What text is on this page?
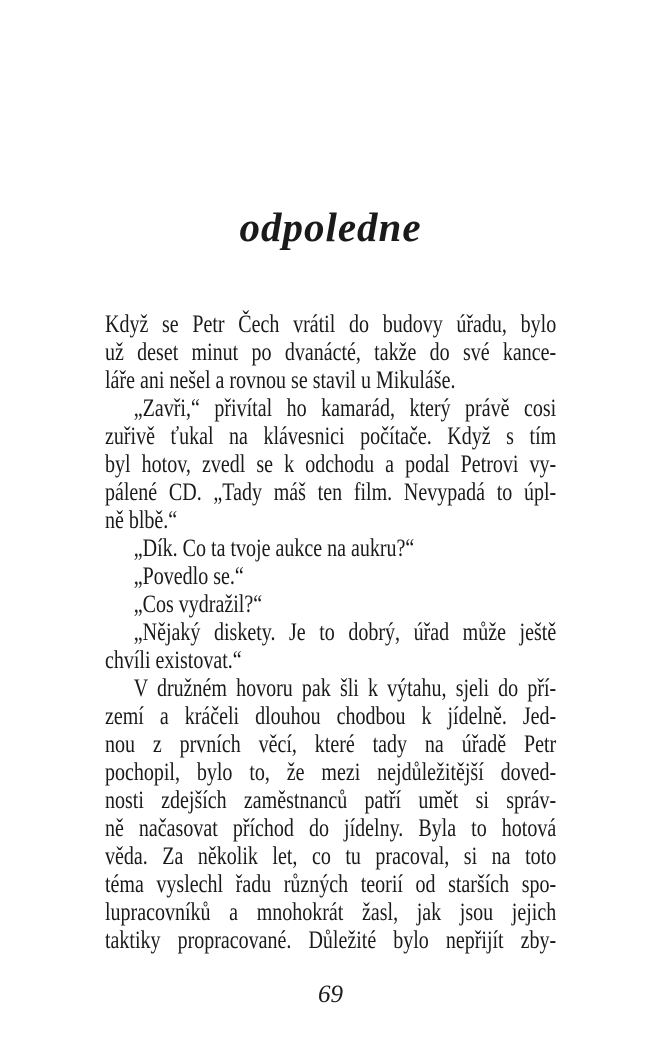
odpoledne
Když se Petr Čech vrátil do budovy úřadu, bylo
už deset minut po dvanácté, takže do své kance-
láře ani nešel a rovnou se stavil u Mikuláše.
„Zavři,“ přivítal ho kamarád, který právě cosi
zuřivě ťukal na klávesnici počítače. Když s tím
byl hotov, zvedl se k odchodu a podal Petrovi vy-
pálené CD. „Tady máš ten film. Nevypadá to úpl-
ně blbě.“
„Dík. Co ta tvoje aukce na aukru?“
„Povedlo se.“
„Cos vydražil?“
„Nějaký diskety. Je to dobrý, úřad může ještě
chvíli existovat.“
V družném hovoru pak šli k výtahu, sjeli do pří-
zemí a kráčeli dlouhou chodbou k jídelně. Jed-
nou z prvních věcí, které tady na úřadě Petr
pochopil, bylo to, že mezi nejdůležitější doved-
nosti zdejších zaměstnanců patří umět si správ-
ně načasovat příchod do jídelny. Byla to hotová
věda. Za několik let, co tu pracoval, si na toto
téma vyslechl řadu různých teorií od starších spo-
lupracovníků a mnohokrát žasl, jak jsou jejich
taktiky propracované. Důležité bylo nepřijít zby-
69
